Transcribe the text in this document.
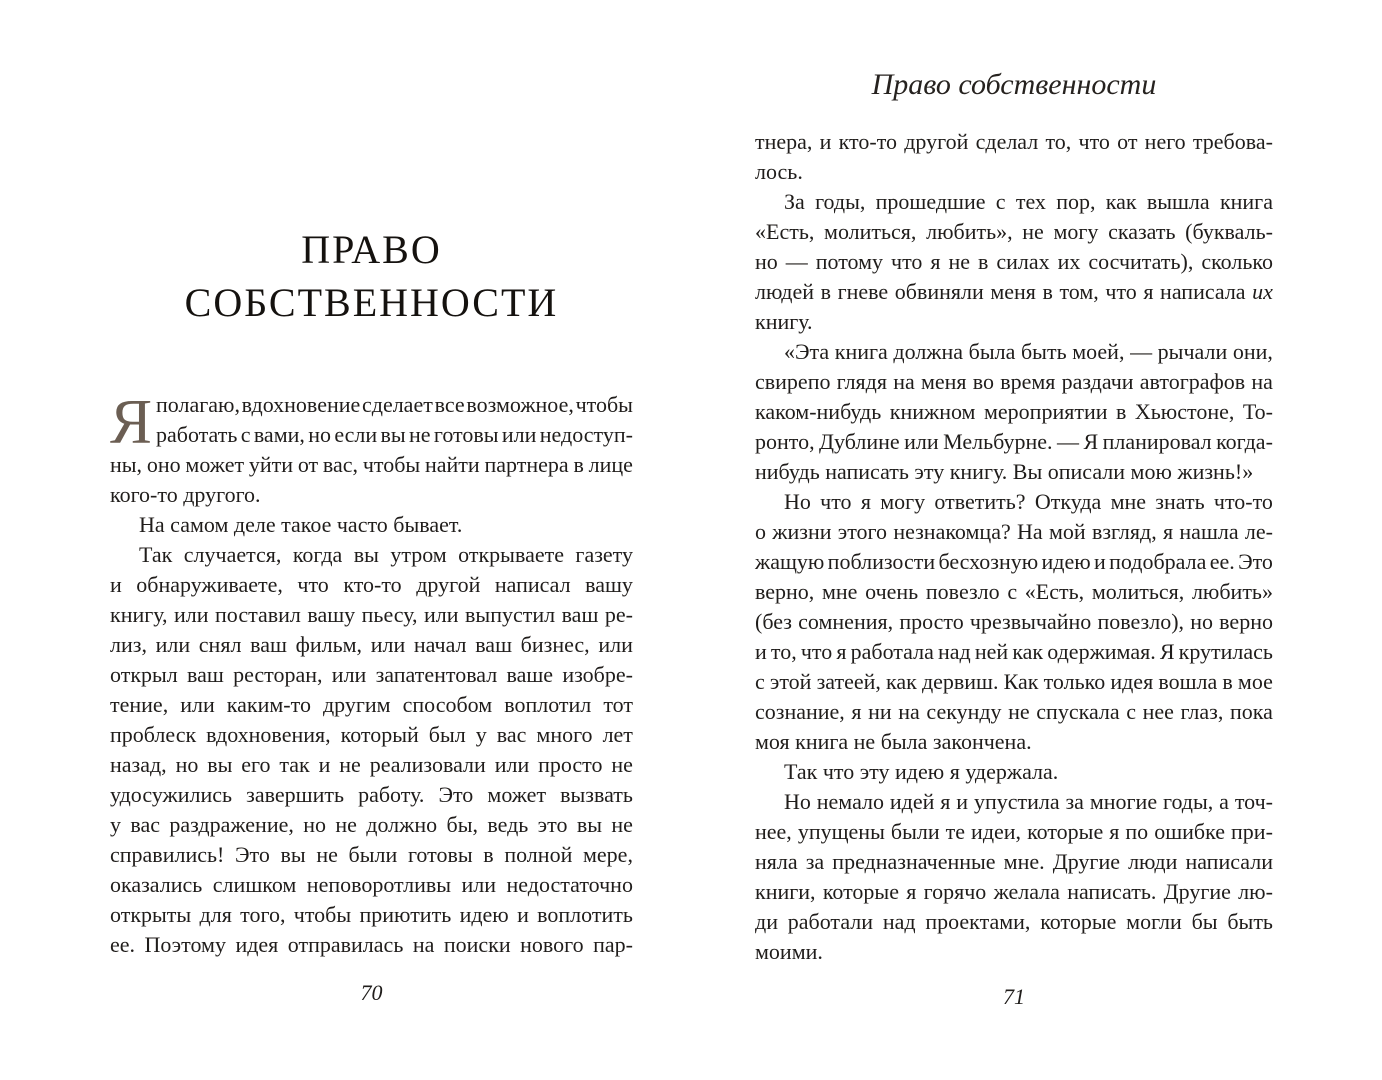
ПРАВО
СОБСТВЕННОСТИ
Я полагаю, вдохновение сделает все возможное, чтобы
работать с вами, но если вы не готовы или недоступ-
ны, оно может уйти от вас, чтобы найти партнера в лице
кого-то другого.
На самом деле такое часто бывает.
Так случается, когда вы утром открываете газету
и обнаруживаете, что кто-то другой написал вашу
книгу, или поставил вашу пьесу, или выпустил ваш ре-
лиз, или снял ваш фильм, или начал ваш бизнес, или
открыл ваш ресторан, или запатентовал ваше изобре-
тение, или каким-то другим способом воплотил тот
проблеск вдохновения, который был у вас много лет
назад, но вы его так и не реализовали или просто не
удосужились завершить работу. Это может вызвать
у вас раздражение, но не должно бы, ведь это вы не
справились! Это вы не были готовы в полной мере,
оказались слишком неповоротливы или недостаточно
открыты для того, чтобы приютить идею и воплотить
ее. Поэтому идея отправилась на поиски нового пар-
70
Право собственности
тнера, и кто-то другой сделал то, что от него требова-
лось.
За годы, прошедшие с тех пор, как вышла книга
«Есть, молиться, любить», не могу сказать (букваль-
но — потому что я не в силах их сосчитать), сколько
людей в гневе обвиняли меня в том, что я написала их
книгу.
«Эта книга должна была быть моей, — рычали они,
свирепо глядя на меня во время раздачи автографов на
каком-нибудь книжном мероприятии в Хьюстоне, То-
ронто, Дублине или Мельбурне. — Я планировал когда-
нибудь написать эту книгу. Вы описали мою жизнь!»
Но что я могу ответить? Откуда мне знать что-то
о жизни этого незнакомца? На мой взгляд, я нашла ле-
жащую поблизости бесхозную идею и подобрала ее. Это
верно, мне очень повезло с «Есть, молиться, любить»
(без сомнения, просто чрезвычайно повезло), но верно
и то, что я работала над ней как одержимая. Я крутилась
с этой затеей, как дервиш. Как только идея вошла в мое
сознание, я ни на секунду не спускала с нее глаз, пока
моя книга не была закончена.
Так что эту идею я удержала.
Но немало идей я и упустила за многие годы, а точ-
нее, упущены были те идеи, которые я по ошибке при-
няла за предназначенные мне. Другие люди написали
книги, которые я горячо желала написать. Другие лю-
ди работали над проектами, которые могли бы быть
моими.
71
